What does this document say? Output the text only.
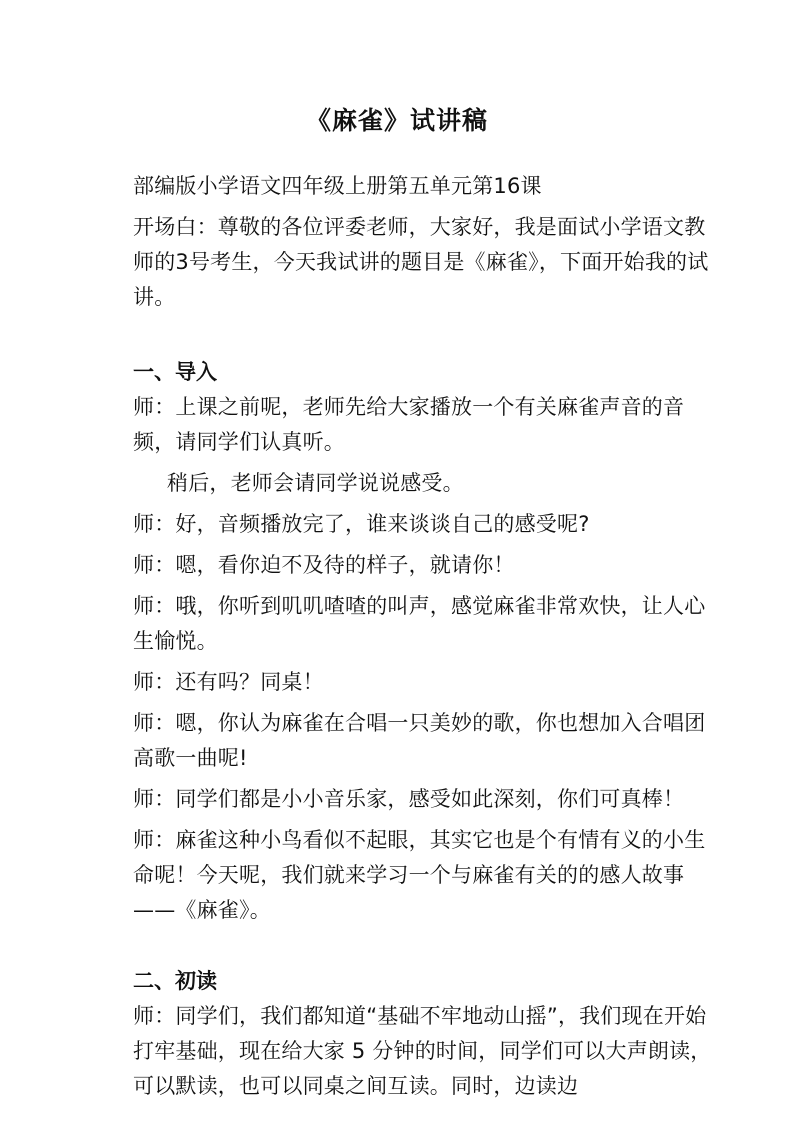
《麻雀》试讲稿

部编版小学语文四年级上册第五单元第16课

开场白：尊敬的各位评委老师，大家好，我是面试小学语文教师的3号考生，今天我试讲的题目是《麻雀》，下面开始我的试讲。

一、导入

师：上课之前呢，老师先给大家播放一个有关麻雀声音的音频，请同学们认真听。

稍后，老师会请同学说说感受。

师：好，音频播放完了，谁来谈谈自己的感受呢?

师：嗯，看你迫不及待的样子，就请你！

师：哦，你听到叽叽喳喳的叫声，感觉麻雀非常欢快，让人心生愉悦。

师：还有吗？同桌！

师：嗯，你认为麻雀在合唱一只美妙的歌，你也想加入合唱团高歌一曲呢!

师：同学们都是小小音乐家，感受如此深刻，你们可真棒！

师：麻雀这种小鸟看似不起眼，其实它也是个有情有义的小生命呢！今天呢，我们就来学习一个与麻雀有关的的感人故事——《麻雀》。

二、初读

师：同学们，我们都知道“基础不牢地动山摇”，我们现在开始打牢基础，现在给大家 5 分钟的时间，同学们可以大声朗读，可以默读，也可以同桌之间互读。同时，边读边
